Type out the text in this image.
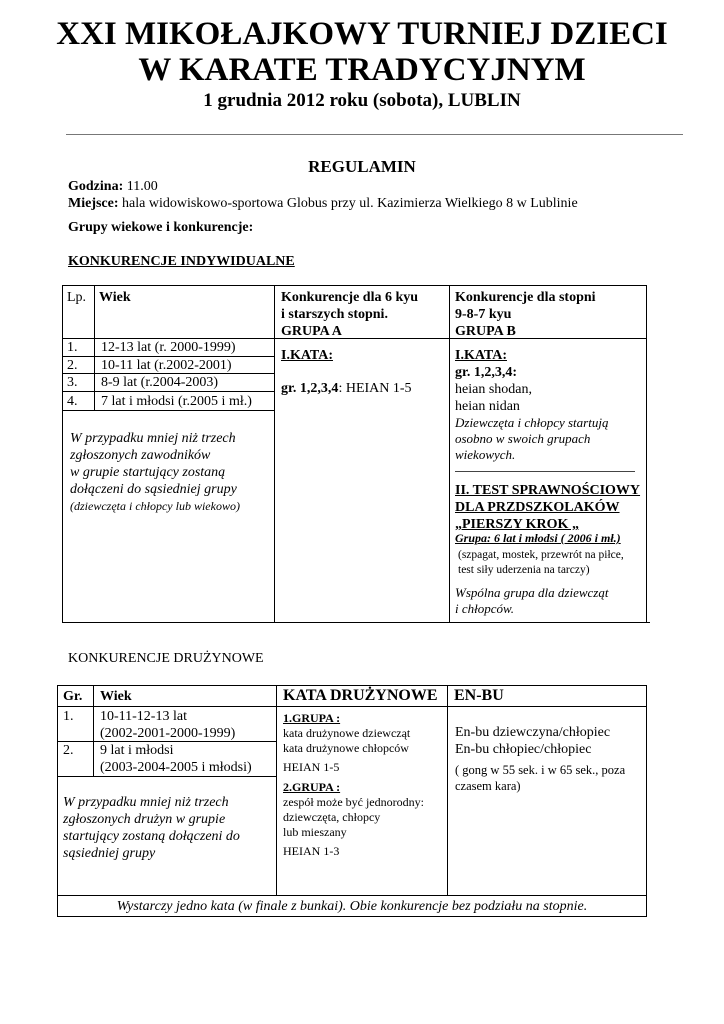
XXI MIKOŁAJKOWY TURNIEJ DZIECI
W KARATE TRADYCYJNYM
1 grudnia 2012 roku (sobota), LUBLIN
REGULAMIN
Godzina: 11.00
Miejsce: hala widowiskowo-sportowa Globus przy ul. Kazimierza Wielkiego 8 w Lublinie
Grupy wiekowe i konkurencje:
KONKURENCJE INDYWIDUALNE
Lp. Wiek	Konkurencje dla 6 kyu
i starszych stopni.
GRUPA A
Konkurencje dla stopni
9-8-7 kyu
GRUPA B
1. 12-13 lat (r. 2000-1999)
2. 10-11 lat (r.2002-2001)
3. 8-9 lat (r.2004-2003)
4. 7 lat i młodsi (r.2005 i mł.)
W przypadku mniej niż trzech
zgłoszonych zawodników
w grupie startujący zostaną
dołączeni do sąsiedniej grupy
(dziewczęta i chłopcy lub wiekowo)
I.KATA:
gr. 1,2,3,4: HEIAN 1-5
I.KATA:
gr. 1,2,3,4:
heian shodan,
heian nidan
Dziewczęta i chłopcy startują
osobno w swoich grupach
wiekowych.
II. TEST SPRAWNOŚCIOWY
DLA PRZDSZKOLAKÓW
„PIERSZY KROK „
Grupa: 6 lat i młodsi ( 2006 i mł.)
(szpagat, mostek, przewrót na piłce,
test siły uderzenia na tarczy)
Wspólna grupa dla dziewcząt
i chłopców.
KONKURENCJE DRUŻYNOWE
Gr. Wiek	KATA DRUŻYNOWE EN-BU
1. 10-11-12-13 lat
(2002-2001-2000-1999)
2. 9 lat i młodsi
(2003-2004-2005 i młodsi)
W przypadku mniej niż trzech
zgłoszonych drużyn w grupie
startujący zostaną dołączeni do
sąsiedniej grupy
1.GRUPA :
kata drużynowe dziewcząt
kata drużynowe chłopców
HEIAN 1-5
2.GRUPA :
zespół może być jednorodny:
dziewczęta, chłopcy
lub mieszany
HEIAN 1-3
En-bu dziewczyna/chłopiec
En-bu chłopiec/chłopiec
( gong w 55 sek. i w 65 sek., poza
czasem kara)
Wystarczy jedno kata (w finale z bunkai). Obie konkurencje bez podziału na stopnie.
